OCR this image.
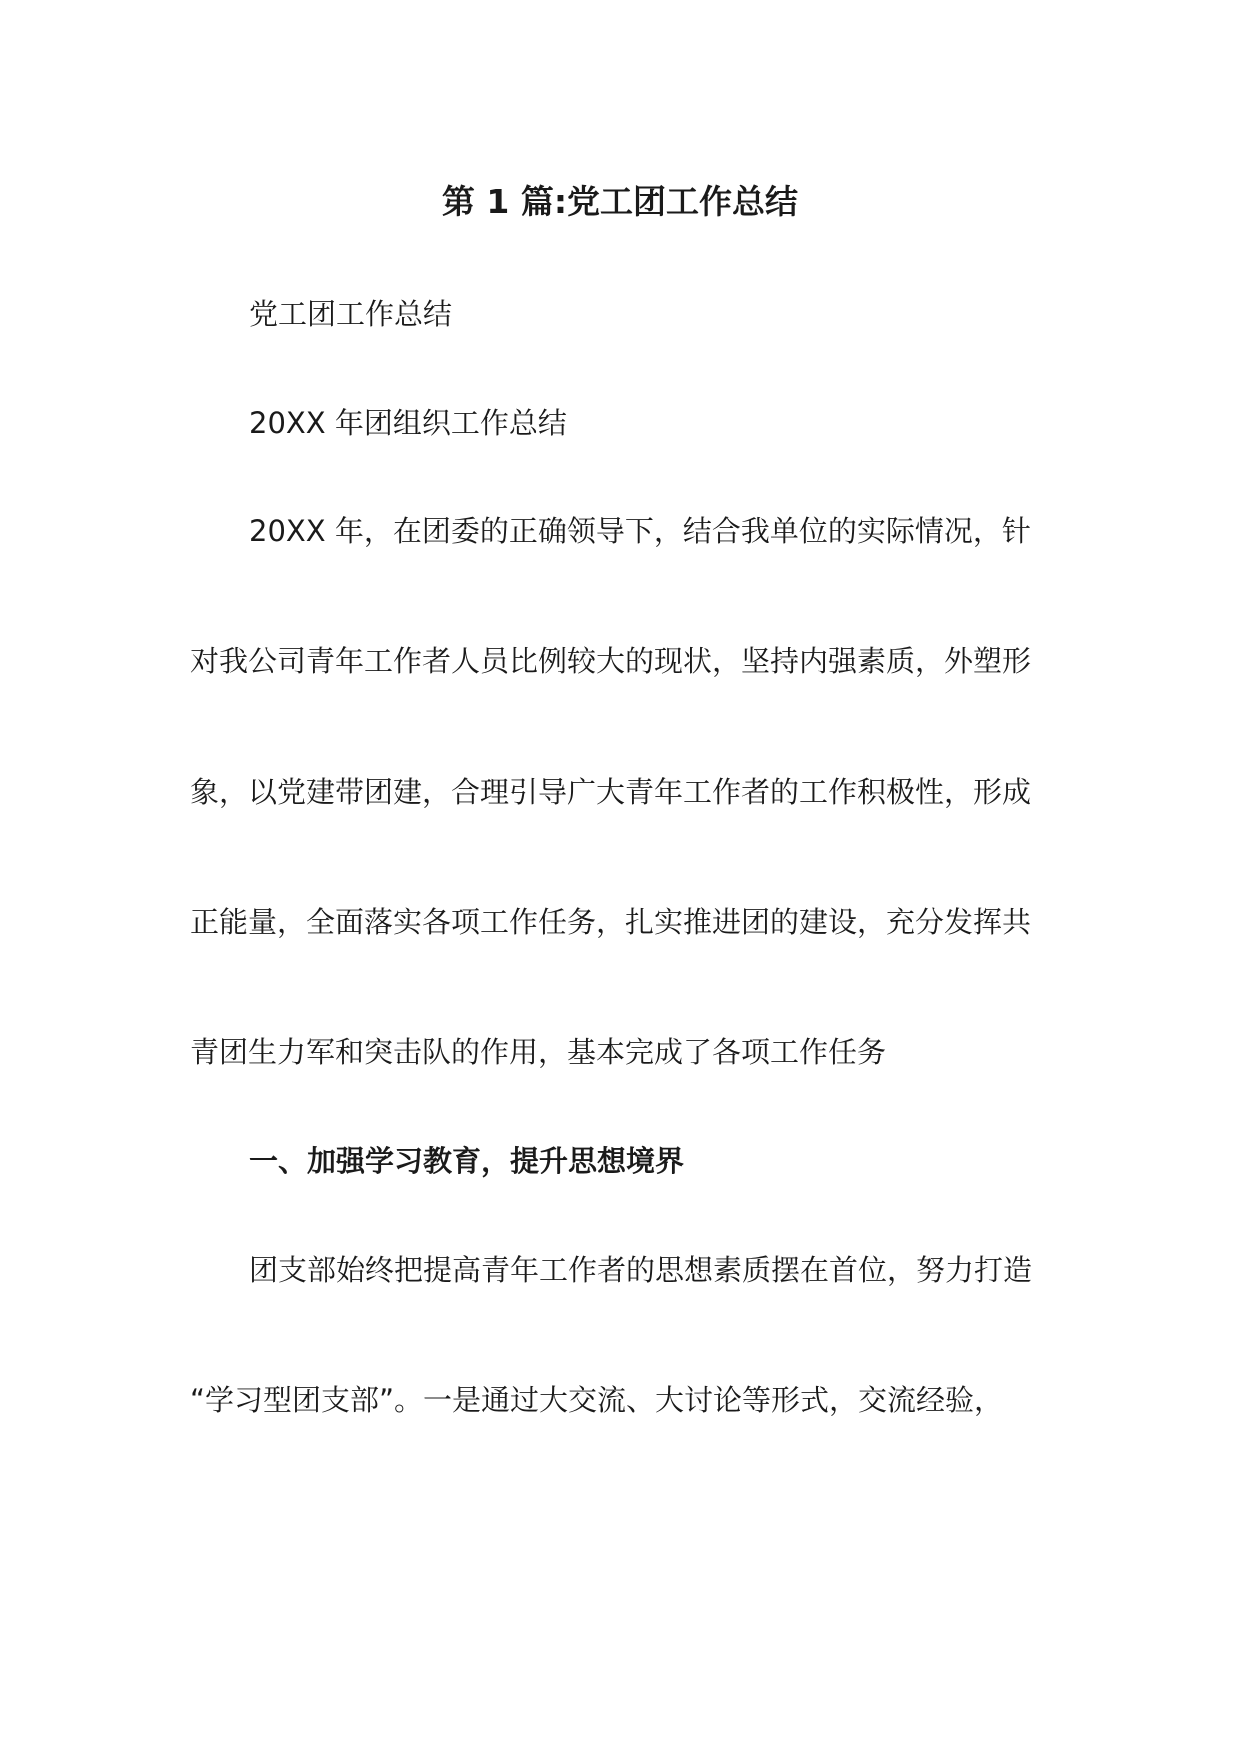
第 1 篇:党工团工作总结
党工团工作总结
20XX 年团组织工作总结
20XX 年，在团委的正确领导下，结合我单位的实际情况，针
对我公司青年工作者人员比例较大的现状，坚持内强素质，外塑形
象，以党建带团建，合理引导广大青年工作者的工作积极性，形成
正能量，全面落实各项工作任务，扎实推进团的建设，充分发挥共
青团生力军和突击队的作用，基本完成了各项工作任务
一、加强学习教育，提升思想境界
团支部始终把提高青年工作者的思想素质摆在首位，努力打造
“学习型团支部”。一是通过大交流、大讨论等形式，交流经验，
